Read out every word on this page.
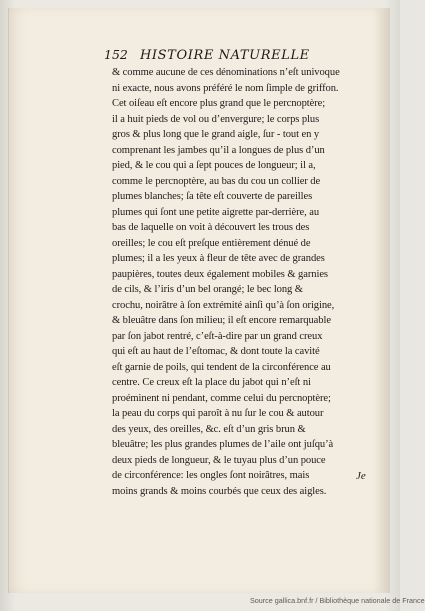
152 HISTOIRE NATURELLE
& comme aucune de ces dénominations n’eſt univoque
ni exacte, nous avons préféré le nom ſimple de griffon.
Cet oiſeau eſt encore plus grand que le percnoptère;
il a huit pieds de vol ou d’envergure; le corps plus
gros & plus long que le grand aigle, ſur - tout en y
comprenant les jambes qu’il a longues de plus d’un
pied, & le cou qui a ſept pouces de longueur; il a,
comme le percnoptère, au bas du cou un collier de
plumes blanches; ſa tête eſt couverte de pareilles
plumes qui ſont une petite aigrette par-derrière, au
bas de laquelle on voit à découvert les trous des
oreilles; le cou eſt preſque entièrement dénué de
plumes; il a les yeux à fleur de tête avec de grandes
paupières, toutes deux également mobiles & garnies
de cils, & l’iris d’un bel orangé; le bec long &
crochu, noirâtre à ſon extrémité ainſi qu’à ſon origine,
& bleuâtre dans ſon milieu; il eſt encore remarquable
par ſon jabot rentré, c’eſt-à-dire par un grand creux
qui eſt au haut de l’eſtomac, & dont toute la cavité
eſt garnie de poils, qui tendent de la circonférence au
centre. Ce creux eſt la place du jabot qui n’eſt ni
proéminent ni pendant, comme celui du percnoptère;
la peau du corps qui paroît à nu ſur le cou & autour
des yeux, des oreilles, &c. eſt d’un gris brun &
bleuâtre; les plus grandes plumes de l’aile ont juſqu’à
deux pieds de longueur, & le tuyau plus d’un pouce
de circonférence: les ongles ſont noirâtres, mais
moins grands & moins courbés que ceux des aigles.
Je
Source gallica.bnf.fr / Bibliothèque nationale de France
